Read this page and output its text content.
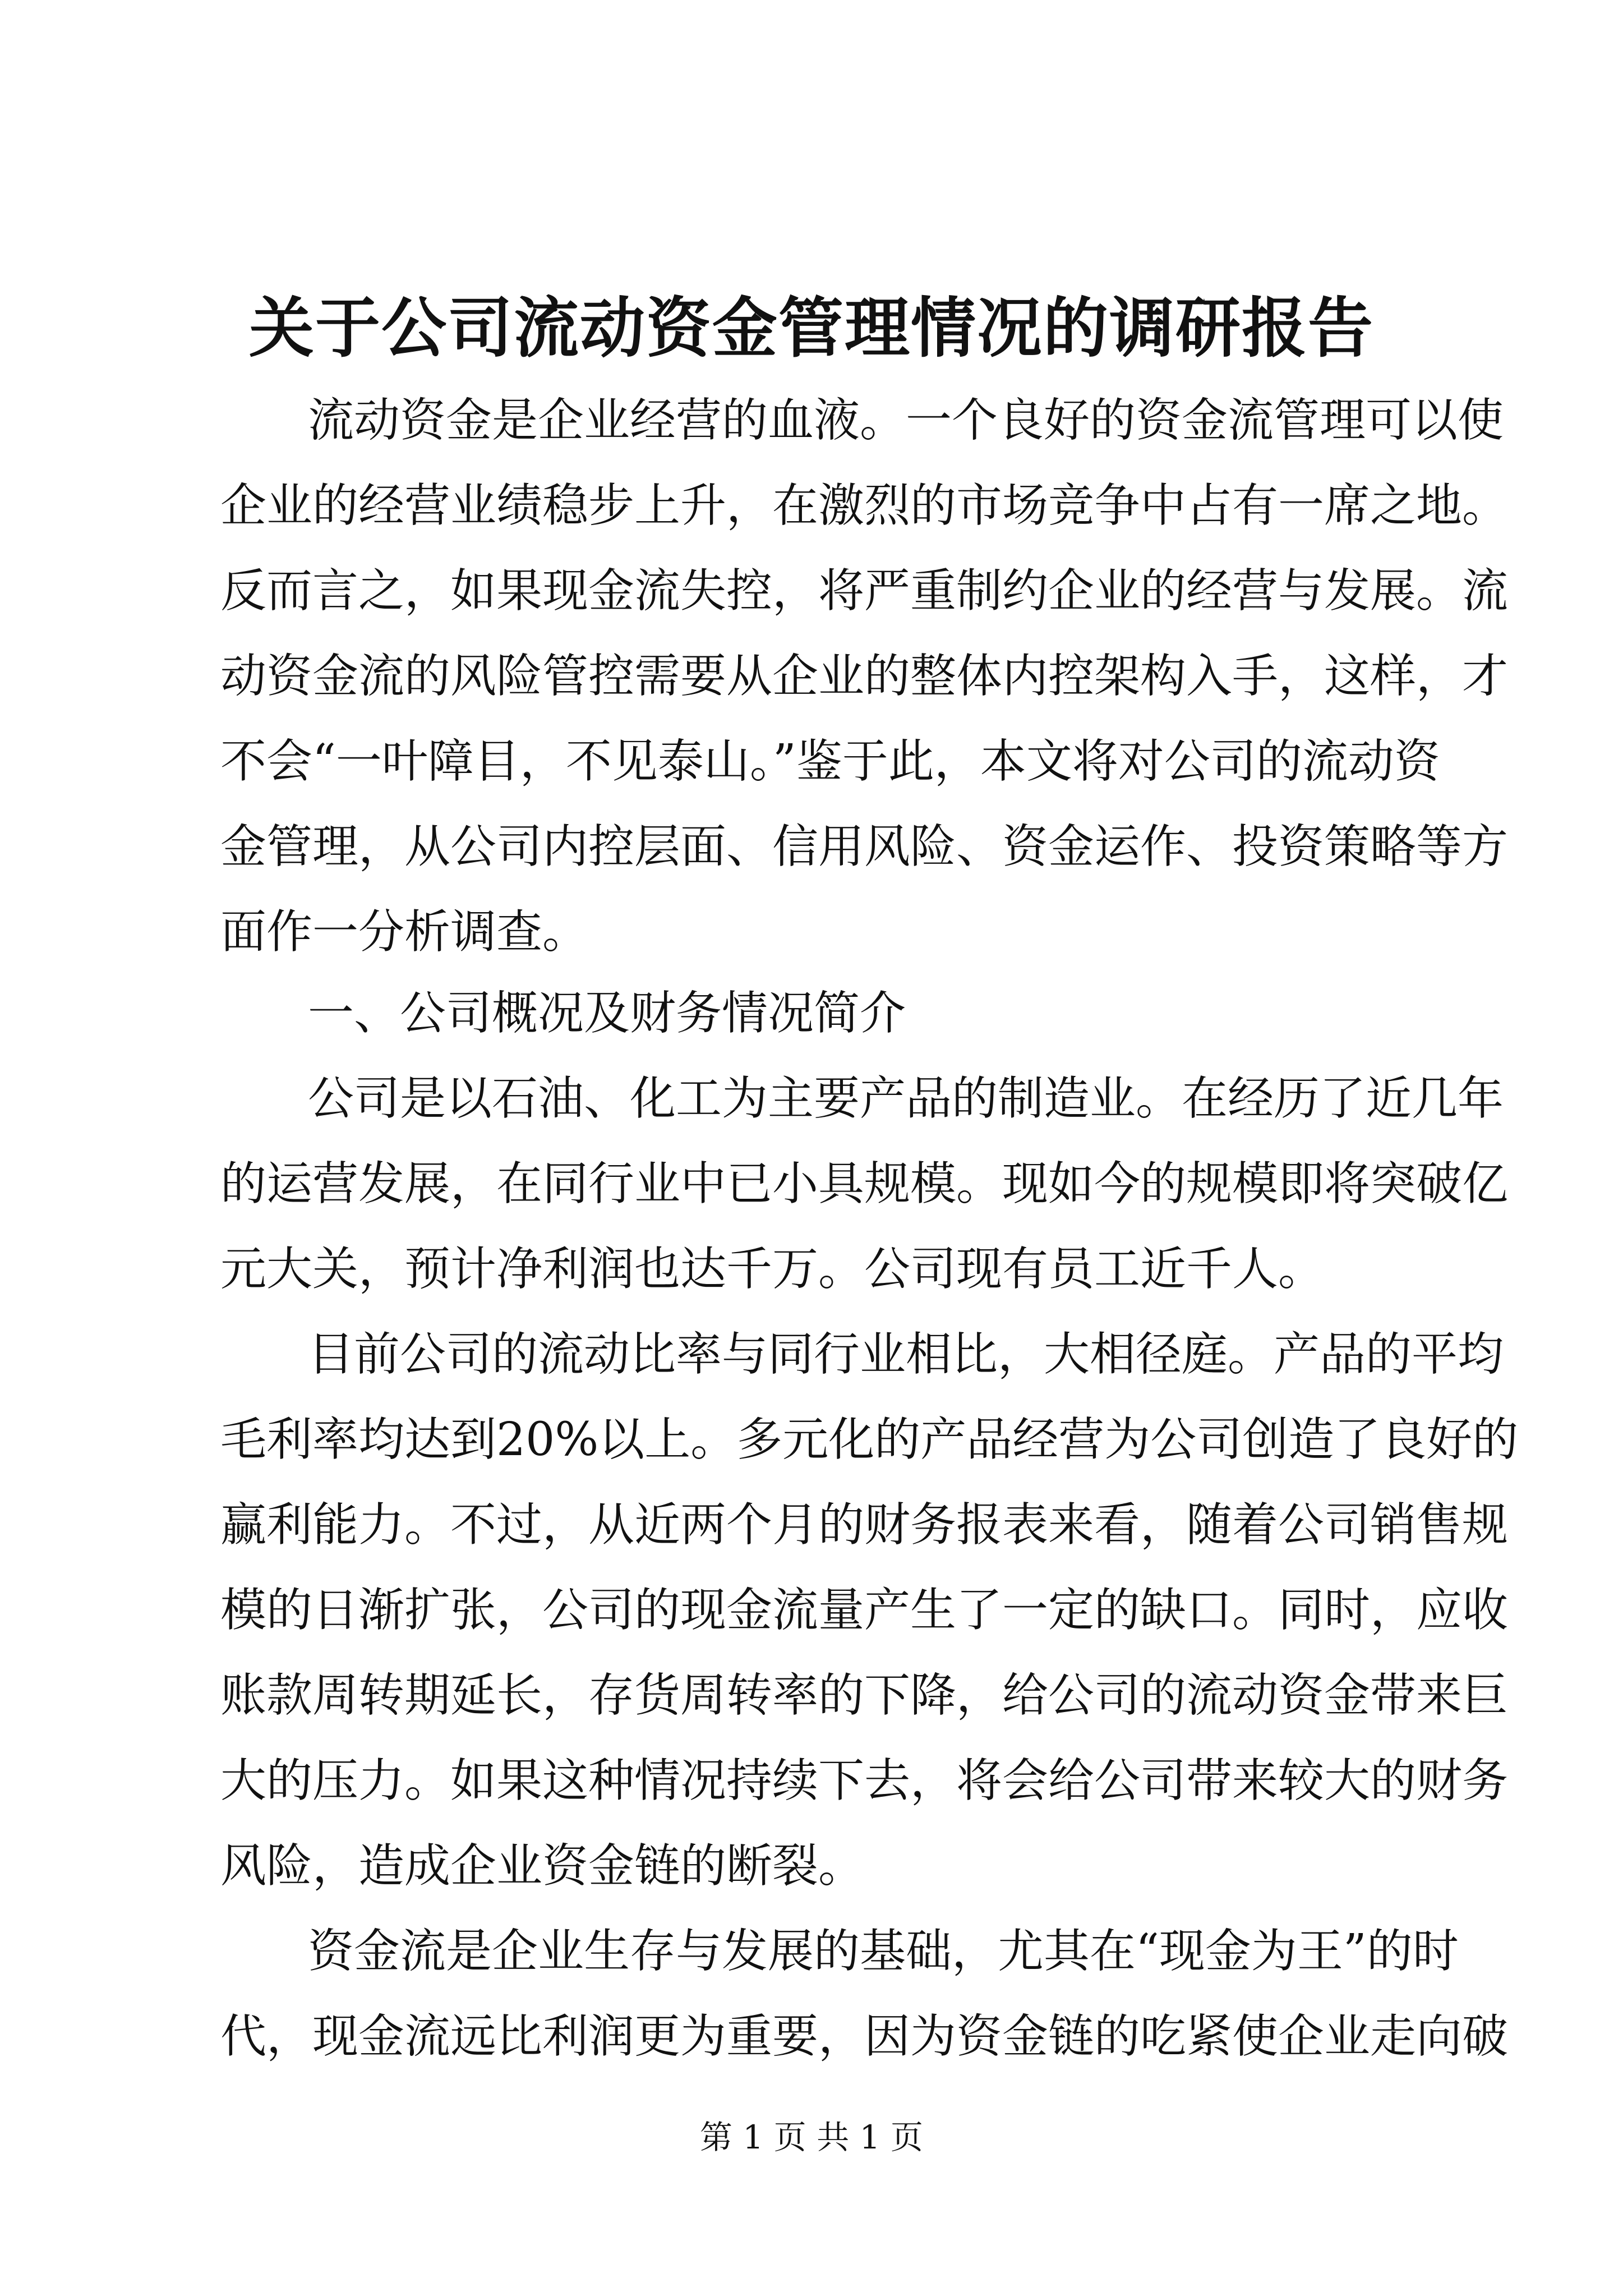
关于公司流动资金管理情况的调研报告

流动资金是企业经营的血液。一个良好的资金流管理可以使

企业的经营业绩稳步上升，在激烈的市场竞争中占有一席之地。

反而言之，如果现金流失控，将严重制约企业的经营与发展。流

动资金流的风险管控需要从企业的整体内控架构入手，这样，才

不会“一叶障目，不见泰山。”鉴于此，本文将对公司的流动资

金管理，从公司内控层面、信用风险、资金运作、投资策略等方

面作一分析调查。

一、公司概况及财务情况简介

公司是以石油、化工为主要产品的制造业。在经历了近几年

的运营发展，在同行业中已小具规模。现如今的规模即将突破亿

元大关，预计净利润也达千万。公司现有员工近千人。

目前公司的流动比率与同行业相比，大相径庭。产品的平均

毛利率均达到20%以上。多元化的产品经营为公司创造了良好的

赢利能力。不过，从近两个月的财务报表来看，随着公司销售规

模的日渐扩张，公司的现金流量产生了一定的缺口。同时，应收

账款周转期延长，存货周转率的下降，给公司的流动资金带来巨

大的压力。如果这种情况持续下去，将会给公司带来较大的财务

风险，造成企业资金链的断裂。

资金流是企业生存与发展的基础，尤其在“现金为王”的时

代，现金流远比利润更为重要，因为资金链的吃紧使企业走向破

第 1 页 共 1 页
